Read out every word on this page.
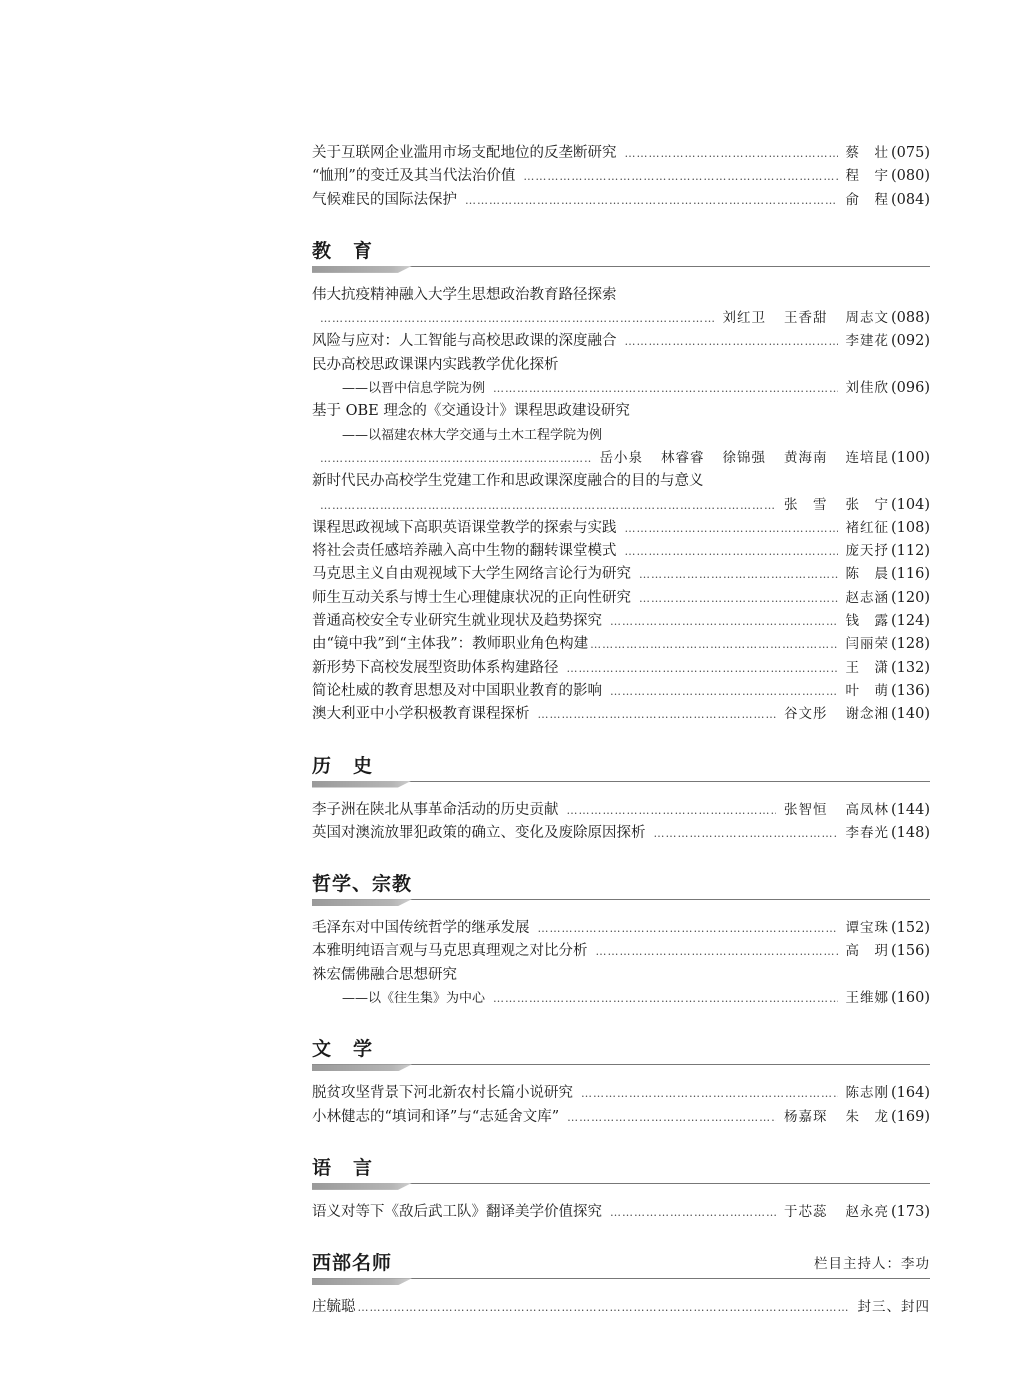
关于互联网企业滥用市场支配地位的反垄断研究 …………………………………………………………………………………………………………………………………………………………………………………………	蔡　壮 (075)
“恤刑”的变迁及其当代法治价值 …………………………………………………………………………………………………………………………………………………………………………………………	程　宇 (080)
气候难民的国际法保护 …………………………………………………………………………………………………………………………………………………………………………………………	俞　程 (084)
教育
伟大抗疫精神融入大学生思想政治教育路径探索
…………………………………………………………………………………………………………………………………………………………………………………………
刘红卫 王香甜 周志文 (088)
风险与应对：人工智能与高校思政课的深度融合 …………………………………………………………………………………………………………………………………………………………………………………………	李建花 (092)
民办高校思政课课内实践教学优化探析
——以晋中信息学院为例 …………………………………………………………………………………………………………………………………………………………………………………………	刘佳欣 (096)
基于 OBE 理念的《交通设计》课程思政建设研究
——以福建农林大学交通与土木工程学院为例
…………………………………………………………………………………………………………………………………………………………………………………………
岳小泉 林睿睿 徐锦强 黄海南 连培昆 (100)
新时代民办高校学生党建工作和思政课深度融合的目的与意义
…………………………………………………………………………………………………………………………………………………………………………………………
张　雪 张　宁 (104)
课程思政视域下高职英语课堂教学的探索与实践 …………………………………………………………………………………………………………………………………………………………………………………………	褚红征 (108)
将社会责任感培养融入高中生物的翻转课堂模式 …………………………………………………………………………………………………………………………………………………………………………………………	庞天抒 (112)
马克思主义自由观视域下大学生网络言论行为研究 …………………………………………………………………………………………………………………………………………………………………………………………	陈　晨 (116)
师生互动关系与博士生心理健康状况的正向性研究 …………………………………………………………………………………………………………………………………………………………………………………………	赵志涵 (120)
普通高校安全专业研究生就业现状及趋势探究 …………………………………………………………………………………………………………………………………………………………………………………………	钱　露 (124)
由“镜中我”到“主体我”：教师职业角色构建 …………………………………………………………………………………………………………………………………………………………………………………………	闫丽荣 (128)
新形势下高校发展型资助体系构建路径 …………………………………………………………………………………………………………………………………………………………………………………………	王　潇 (132)
简论杜威的教育思想及对中国职业教育的影响 …………………………………………………………………………………………………………………………………………………………………………………………	叶　萌 (136)
澳大利亚中小学积极教育课程探析 …………………………………………………………………………………………………………………………………………………………………………………………	谷文彤 谢念湘 (140)
历史
李子洲在陕北从事革命活动的历史贡献 …………………………………………………………………………………………………………………………………………………………………………………………	张智恒 高凤林 (144)
英国对澳流放罪犯政策的确立、变化及废除原因探析 …………………………………………………………………………………………………………………………………………………………………………………………	李春光 (148)
哲学、宗教
毛泽东对中国传统哲学的继承发展 …………………………………………………………………………………………………………………………………………………………………………………………	谭宝珠 (152)
本雅明纯语言观与马克思真理观之对比分析 …………………………………………………………………………………………………………………………………………………………………………………………	高　玥 (156)
袾宏儒佛融合思想研究
——以《往生集》为中心 …………………………………………………………………………………………………………………………………………………………………………………………	王维娜 (160)
文学
脱贫攻坚背景下河北新农村长篇小说研究 …………………………………………………………………………………………………………………………………………………………………………………………	陈志刚 (164)
小林健志的“填词和译”与“志延舍文库” …………………………………………………………………………………………………………………………………………………………………………………………	杨嘉琛 朱　龙 (169)
语言
语义对等下《敌后武工队》翻译美学价值探究 …………………………………………………………………………………………………………………………………………………………………………………………	于芯蕊 赵永亮 (173)
西部名师	栏目主持人：李功
庄毓聪 …………………………………………………………………………………………………………………………………………………………………………………………	封三、封四
